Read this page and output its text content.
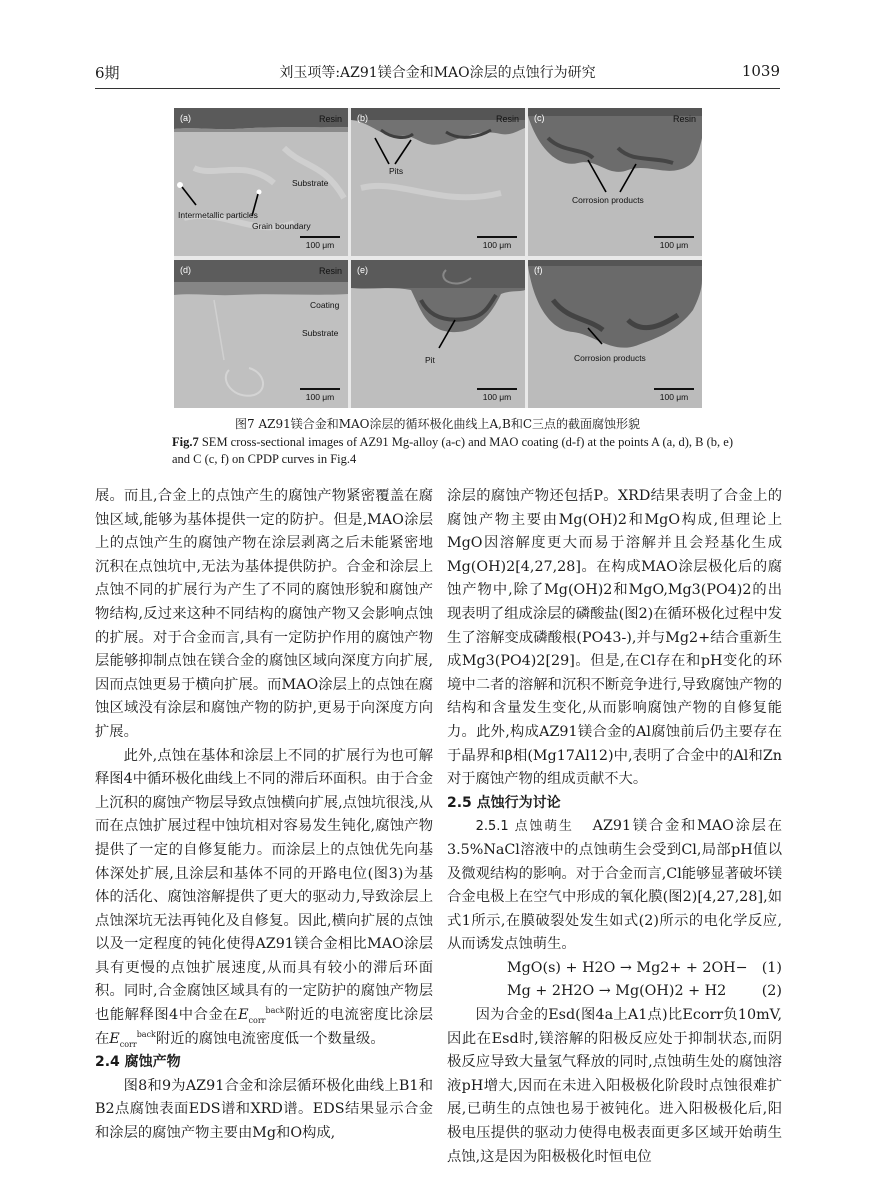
6期	刘玉项等:AZ91镁合金和MAO涂层的点蚀行为研究	1039
(a)	Resin
Substrate
Intermetallic particles
Grain boundary
100 μm
(b)	Resin
Pits
100 μm
(c)	Resin
Corrosion products
100 μm
(d)	Resin
Coating
Substrate
100 μm
(e)
Pit
100 μm
(f)
Corrosion products
100 μm
图7 AZ91镁合金和MAO涂层的循环极化曲线上A,B和C三点的截面腐蚀形貌
Fig.7 SEM cross-sectional images of AZ91 Mg-alloy (a-c) and MAO coating (d-f) at the points A (a, d), B (b, e)
and C (c, f) on CPDP curves in Fig.4

展。而且,合金上的点蚀产生的腐蚀产物紧密覆盖在腐蚀区域,能够为基体提供一定的防护。但是,MAO涂层上的点蚀产生的腐蚀产物在涂层剥离之后未能紧密地沉积在点蚀坑中,无法为基体提供防护。合金和涂层上点蚀不同的扩展行为产生了不同的腐蚀形貌和腐蚀产物结构,反过来这种不同结构的腐蚀产物又会影响点蚀的扩展。对于合金而言,具有一定防护作用的腐蚀产物层能够抑制点蚀在镁合金的腐蚀区域向深度方向扩展,因而点蚀更易于横向扩展。而MAO涂层上的点蚀在腐蚀区域没有涂层和腐蚀产物的防护,更易于向深度方向扩展。

此外,点蚀在基体和涂层上不同的扩展行为也可解释图4中循环极化曲线上不同的滞后环面积。由于合金上沉积的腐蚀产物层导致点蚀横向扩展,点蚀坑很浅,从而在点蚀扩展过程中蚀坑相对容易发生钝化,腐蚀产物提供了一定的自修复能力。而涂层上的点蚀优先向基体深处扩展,且涂层和基体不同的开路电位(图3)为基体的活化、腐蚀溶解提供了更大的驱动力,导致涂层上点蚀深坑无法再钝化及自修复。因此,横向扩展的点蚀以及一定程度的钝化使得AZ91镁合金相比MAO涂层具有更慢的点蚀扩展速度,从而具有较小的滞后环面积。同时,合金腐蚀区域具有的一定防护的腐蚀产物层也能解释图4中合金在$E_{corr}^{back}$附近的电流密度比涂层在$E_{corr}^{back}$附近的腐蚀电流密度低一个数量级。

2.4 腐蚀产物

图8和9为AZ91合金和涂层循环极化曲线上B1和B2点腐蚀表面EDS谱和XRD谱。EDS结果显示合金和涂层的腐蚀产物主要由Mg和O构成,

涂层的腐蚀产物还包括P。XRD结果表明了合金上的腐蚀产物主要由Mg(OH)2和MgO构成,但理论上MgO因溶解度更大而易于溶解并且会羟基化生成Mg(OH)2[4,27,28]。在构成MAO涂层极化后的腐蚀产物中,除了Mg(OH)2和MgO,Mg3(PO4)2的出现表明了组成涂层的磷酸盐(图2)在循环极化过程中发生了溶解变成磷酸根(PO43-),并与Mg2+结合重新生成Mg3(PO4)2[29]。但是,在Cl存在和pH变化的环境中二者的溶解和沉积不断竞争进行,导致腐蚀产物的结构和含量发生变化,从而影响腐蚀产物的自修复能力。此外,构成AZ91镁合金的Al腐蚀前后仍主要存在于晶界和β相(Mg17Al12)中,表明了合金中的Al和Zn对于腐蚀产物的组成贡献不大。

2.5 点蚀行为讨论

2.5.1 点蚀萌生 AZ91镁合金和MAO涂层在3.5%NaCl溶液中的点蚀萌生会受到Cl,局部pH值以及微观结构的影响。对于合金而言,Cl能够显著破坏镁合金电极上在空气中形成的氧化膜(图2)[4,27,28],如式1所示,在膜破裂处发生如式(2)所示的电化学反应,从而诱发点蚀萌生。

MgO(s) + H2O → Mg2+ + 2OH− (1)
Mg + 2H2O → Mg(OH)2 + H2 (2)

因为合金的Esd(图4a上A1点)比Ecorr负10mV,因此在Esd时,镁溶解的阳极反应处于抑制状态,而阴极反应导致大量氢气释放的同时,点蚀萌生处的腐蚀溶液pH增大,因而在未进入阳极极化阶段时点蚀很难扩展,已萌生的点蚀也易于被钝化。进入阳极极化后,阳极电压提供的驱动力使得电极表面更多区域开始萌生点蚀,这是因为阳极极化时恒电位
